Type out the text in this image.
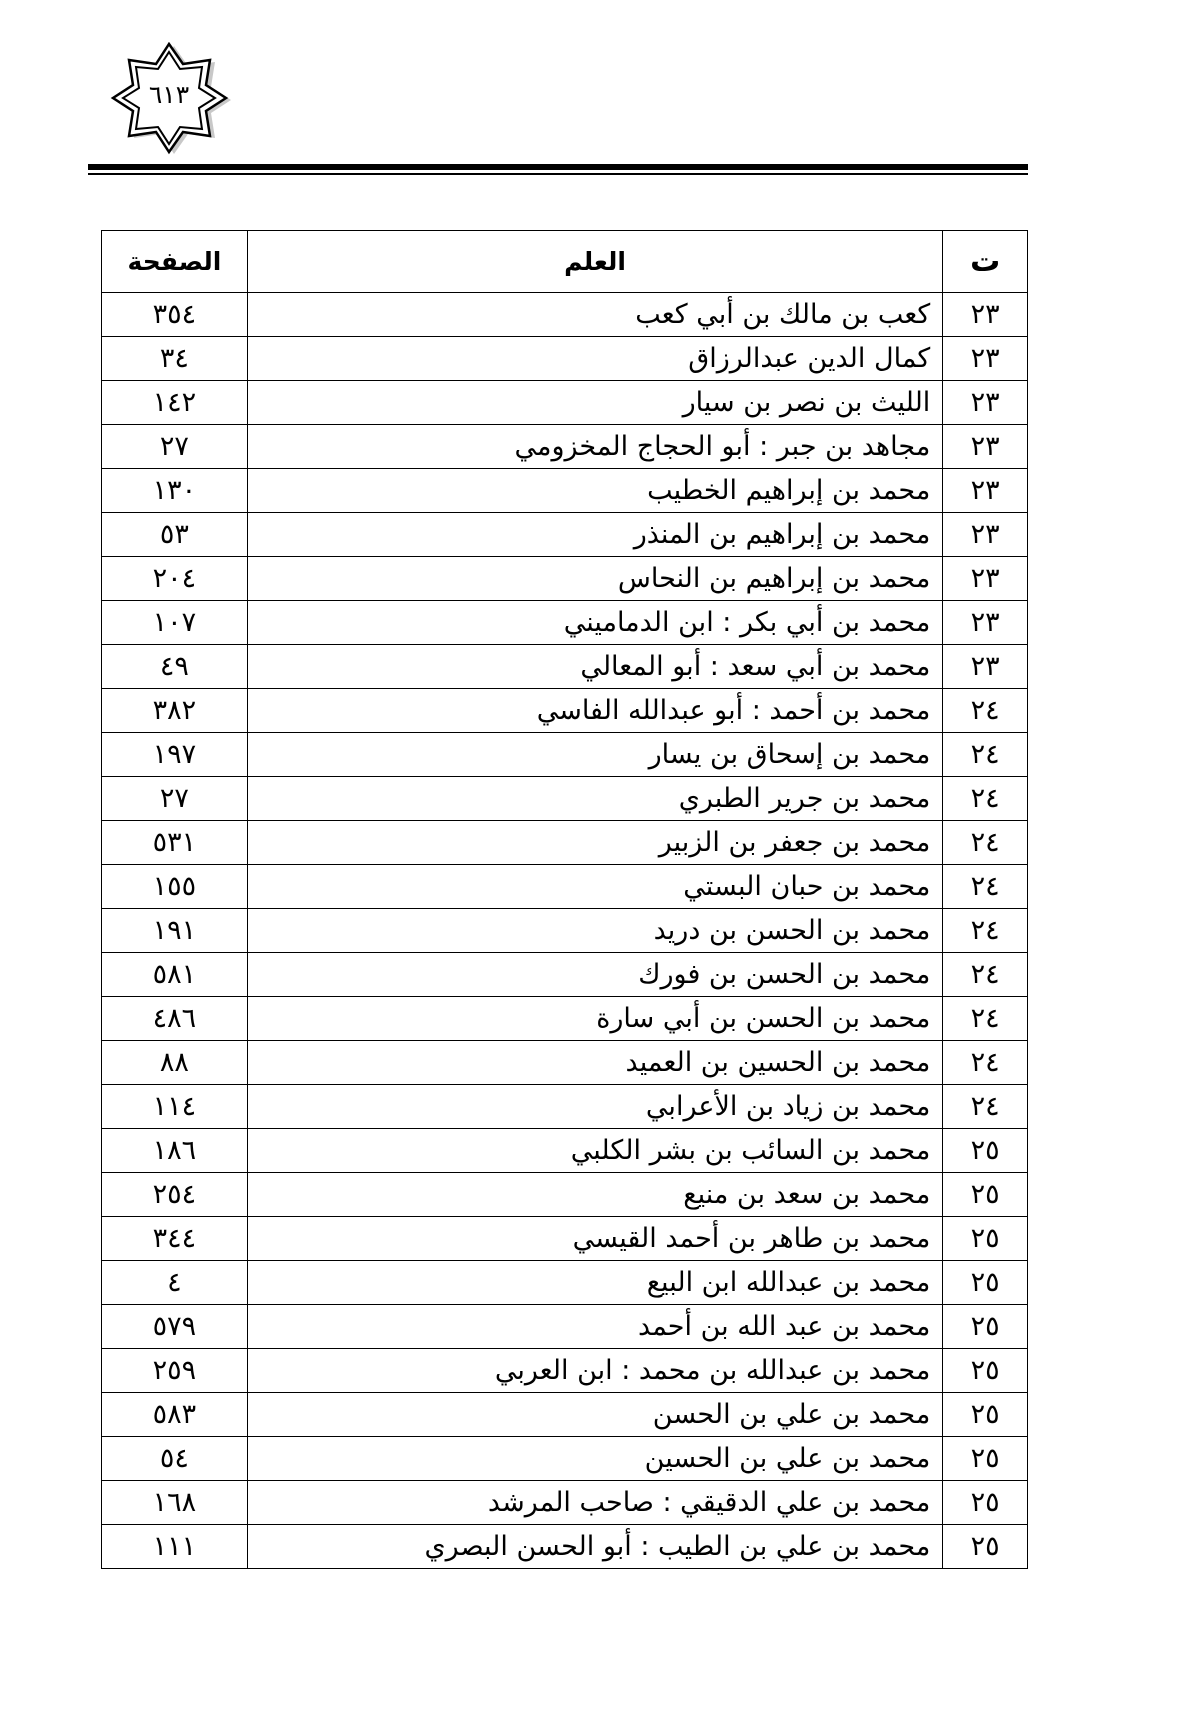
٦١٣
ت	العلم	الصفحة
٢٣	كعب بن مالك بن أبي كعب	٣٥٤
٢٣	كمال الدين عبدالرزاق	٣٤
٢٣	الليث بن نصر بن سيار	١٤٢
٢٣	مجاهد بن جبر : أبو الحجاج المخزومي	٢٧
٢٣	محمد بن إبراهيم الخطيب	١٣٠
٢٣	محمد بن إبراهيم بن المنذر	٥٣
٢٣	محمد بن إبراهيم بن النحاس	٢٠٤
٢٣	محمد بن أبي بكر : ابن الدماميني	١٠٧
٢٣	محمد بن أبي سعد : أبو المعالي	٤٩
٢٤	محمد بن أحمد : أبو عبدالله الفاسي	٣٨٢
٢٤	محمد بن إسحاق بن يسار	١٩٧
٢٤	محمد بن جرير الطبري	٢٧
٢٤	محمد بن جعفر بن الزبير	٥٣١
٢٤	محمد بن حبان البستي	١٥٥
٢٤	محمد بن الحسن بن دريد	١٩١
٢٤	محمد بن الحسن بن فورك	٥٨١
٢٤	محمد بن الحسن بن أبي سارة	٤٨٦
٢٤	محمد بن الحسين بن العميد	٨٨
٢٤	محمد بن زياد بن الأعرابي	١١٤
٢٥	محمد بن السائب بن بشر الكلبي	١٨٦
٢٥	محمد بن سعد بن منيع	٢٥٤
٢٥	محمد بن طاهر بن أحمد القيسي	٣٤٤
٢٥	محمد بن عبدالله ابن البيع	٤
٢٥	محمد بن عبد الله بن أحمد	٥٧٩
٢٥	محمد بن عبدالله بن محمد : ابن العربي	٢٥٩
٢٥	محمد بن علي بن الحسن	٥٨٣
٢٥	محمد بن علي بن الحسين	٥٤
٢٥	محمد بن علي الدقيقي : صاحب المرشد	١٦٨
٢٥	محمد بن علي بن الطيب : أبو الحسن البصري	١١١
